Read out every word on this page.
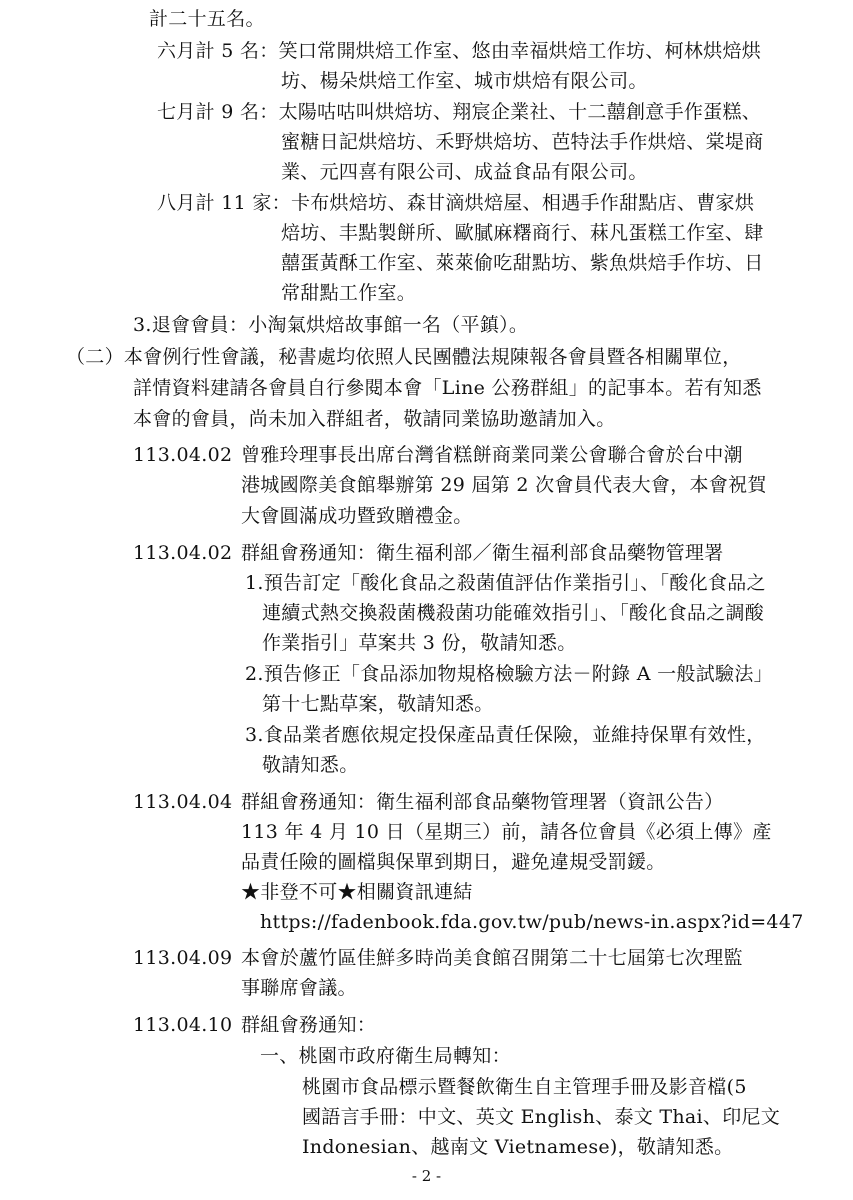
計二十五名。
六月計 5 名：笑口常開烘焙工作室、悠由幸福烘焙工作坊、柯林烘焙烘
坊、楊朵烘焙工作室、城市烘焙有限公司。
七月計 9 名：太陽咕咕叫烘焙坊、翔宸企業社、十二囍創意手作蛋糕、
蜜糖日記烘焙坊、禾野烘焙坊、芭特法手作烘焙、棠堤商
業、元四喜有限公司、成益食品有限公司。
八月計 11 家：卡布烘焙坊、森甘滴烘焙屋、相遇手作甜點店、曹家烘
焙坊、丰點製餅所、歐膩麻糬商行、菻凡蛋糕工作室、肆
囍蛋黃酥工作室、萊萊偷吃甜點坊、紫魚烘焙手作坊、日
常甜點工作室。
3.退會會員：小淘氣烘焙故事館一名（平鎮）。
（二）本會例行性會議，秘書處均依照人民團體法規陳報各會員暨各相關單位，
詳情資料建請各會員自行參閱本會「Line 公務群組」的記事本。若有知悉
本會的會員，尚未加入群組者，敬請同業協助邀請加入。
113.04.02 曾雅玲理事長出席台灣省糕餅商業同業公會聯合會於台中潮
港城國際美食館舉辦第 29 屆第 2 次會員代表大會，本會祝賀
大會圓滿成功暨致贈禮金。
113.04.02 群組會務通知：衛生福利部／衛生福利部食品藥物管理署
1.預告訂定「酸化食品之殺菌值評估作業指引」、「酸化食品之
連續式熱交換殺菌機殺菌功能確效指引」、「酸化食品之調酸
作業指引」草案共 3 份，敬請知悉。
2.預告修正「食品添加物規格檢驗方法－附錄 A 一般試驗法」
第十七點草案，敬請知悉。
3.食品業者應依規定投保產品責任保險，並維持保單有效性，
敬請知悉。
113.04.04 群組會務通知：衛生福利部食品藥物管理署（資訊公告）
113 年 4 月 10 日（星期三）前，請各位會員《必須上傳》產
品責任險的圖檔與保單到期日，避免違規受罰鍰。
★非登不可★相關資訊連結
https://fadenbook.fda.gov.tw/pub/news-in.aspx?id=447
113.04.09 本會於蘆竹區佳鮮多時尚美食館召開第二十七屆第七次理監
事聯席會議。
113.04.10 群組會務通知：
一、桃園市政府衛生局轉知：
桃園市食品標示暨餐飲衛生自主管理手冊及影音檔(5
國語言手冊：中文、英文 English、泰文 Thai、印尼文
Indonesian、越南文 Vietnamese)，敬請知悉。
- 2 -
